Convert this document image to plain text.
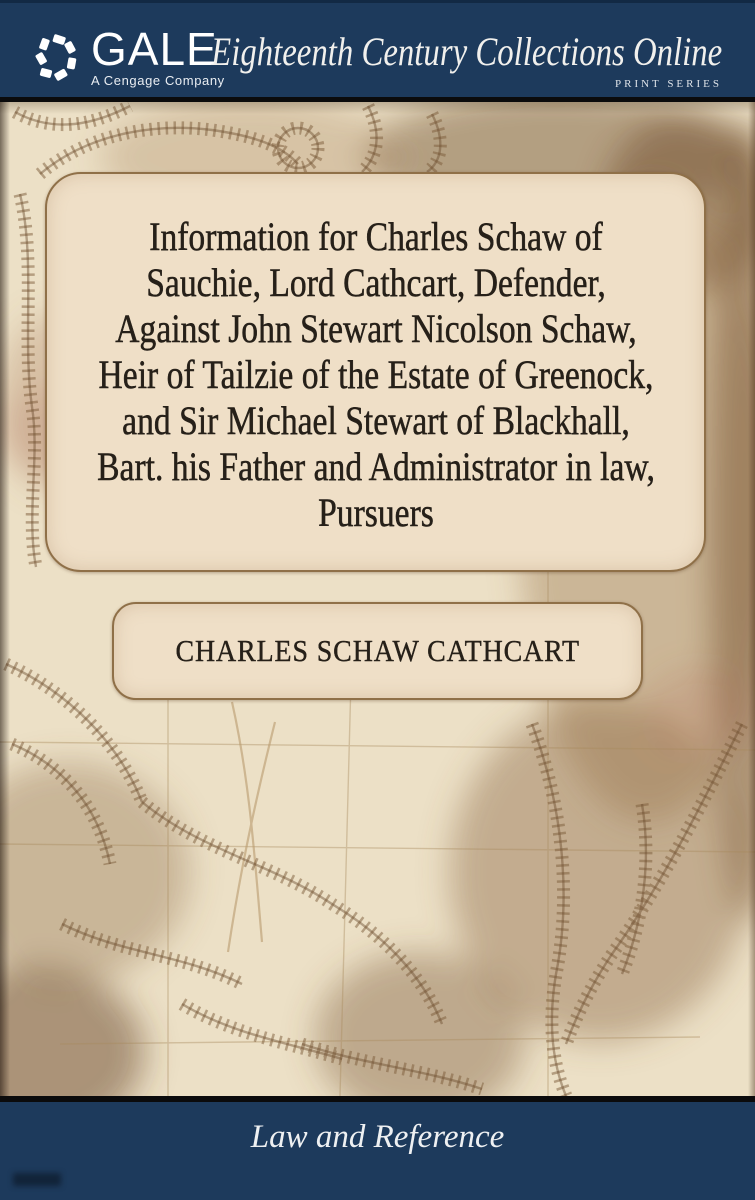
GALE
A Cengage Company
Eighteenth Century Collections Online
PRINT SERIES
Information for Charles Schaw of
Sauchie, Lord Cathcart, Defender,
Against John Stewart Nicolson Schaw,
Heir of Tailzie of the Estate of Greenock,
and Sir Michael Stewart of Blackhall,
Bart. his Father and Administrator in law,
Pursuers
CHARLES SCHAW CATHCART
Law and Reference
